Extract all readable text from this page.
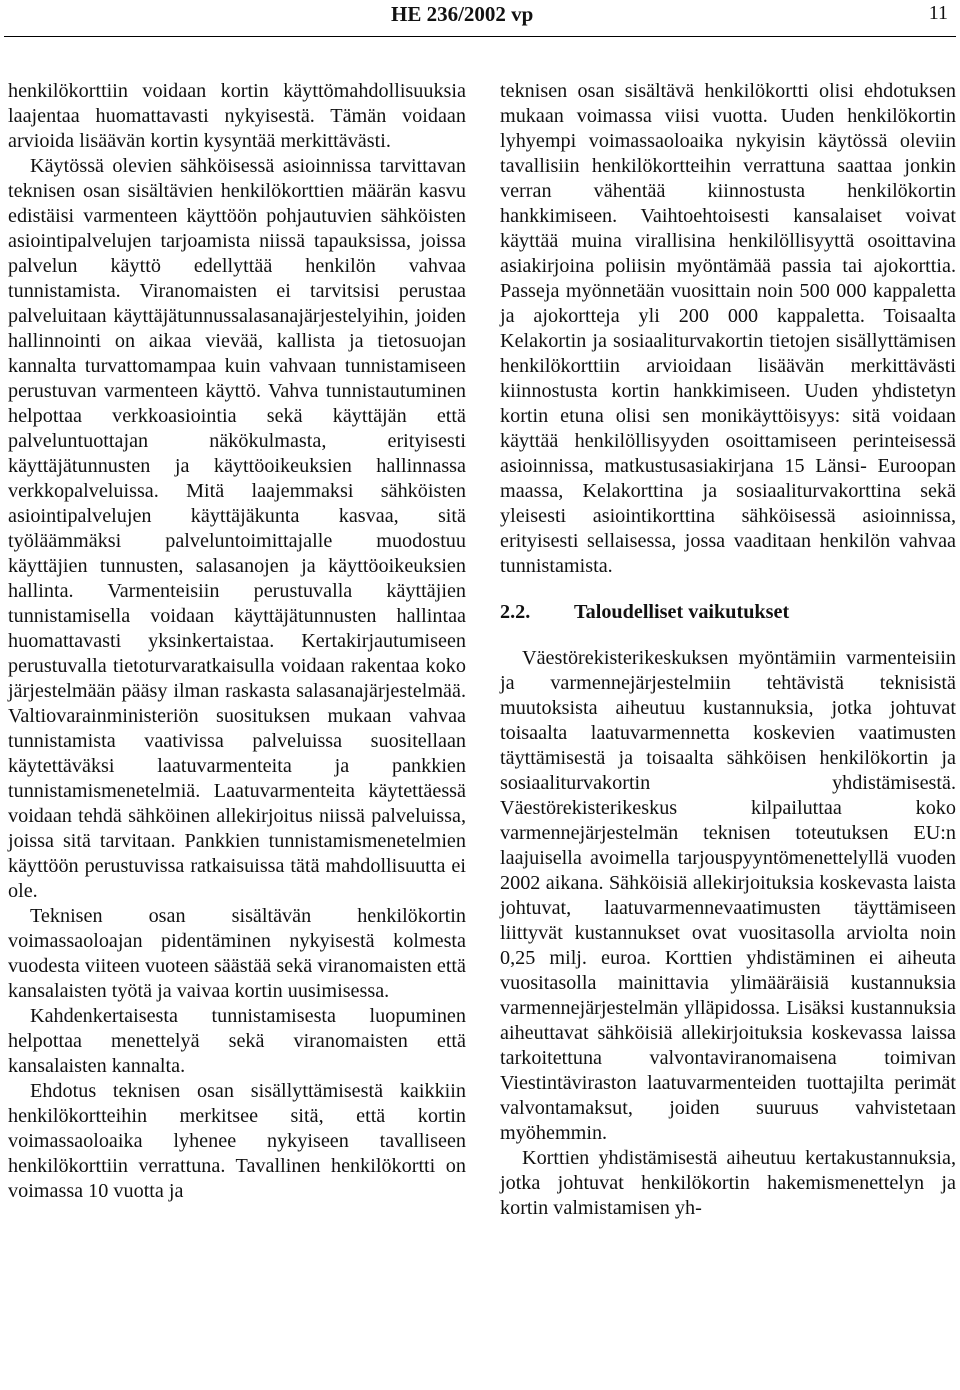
HE 236/2002 vp	11

henkilökorttiin voidaan kortin käyttömahdollisuuksia laajentaa huomattavasti nykyisestä. Tämän voidaan arvioida lisäävän kortin kysyntää merkittävästi.

Käytössä olevien sähköisessä asioinnissa tarvittavan teknisen osan sisältävien henkilökorttien määrän kasvu edistäisi varmenteen käyttöön pohjautuvien sähköisten asiointipalvelujen tarjoamista niissä tapauksissa, joissa palvelun käyttö edellyttää henkilön vahvaa tunnistamista. Viranomaisten ei tarvitsisi perustaa palveluitaan käyttäjätunnussalasanajärjestelyihin, joiden hallinnointi on aikaa vievää, kallista ja tietosuojan kannalta turvattomampaa kuin vahvaan tunnistamiseen perustuvan varmenteen käyttö. Vahva tunnistautuminen helpottaa verkkoasiointia sekä käyttäjän että palveluntuottajan näkökulmasta, erityisesti käyttäjätunnusten ja käyttöoikeuksien hallinnassa verkkopalveluissa. Mitä laajemmaksi sähköisten asiointipalvelujen käyttäjäkunta kasvaa, sitä työläämmäksi palveluntoimittajalle muodostuu käyttäjien tunnusten, salasanojen ja käyttöoikeuksien hallinta. Varmenteisiin perustuvalla käyttäjien tunnistamisella voidaan käyttäjätunnusten hallintaa huomattavasti yksinkertaistaa. Kertakirjautumiseen perustuvalla tietoturvaratkaisulla voidaan rakentaa koko järjestelmään pääsy ilman raskasta salasanajärjestelmää. Valtiovarainministeriön suosituksen mukaan vahvaa tunnistamista vaativissa palveluissa suositellaan käytettäväksi laatuvarmenteita ja pankkien tunnistamismenetelmiä. Laatuvarmenteita käytettäessä voidaan tehdä sähköinen allekirjoitus niissä palveluissa, joissa sitä tarvitaan. Pankkien tunnistamismenetelmien käyttöön perustuvissa ratkaisuissa tätä mahdollisuutta ei ole.

Teknisen osan sisältävän henkilökortin voimassaoloajan pidentäminen nykyisestä kolmesta vuodesta viiteen vuoteen säästää sekä viranomaisten että kansalaisten työtä ja vaivaa kortin uusimisessa.

Kahdenkertaisesta tunnistamisesta luopuminen helpottaa menettelyä sekä viranomaisten että kansalaisten kannalta.

Ehdotus teknisen osan sisällyttämisestä kaikkiin henkilökortteihin merkitsee sitä, että kortin voimassaoloaika lyhenee nykyiseen tavalliseen henkilökorttiin verrattuna. Tavallinen henkilökortti on voimassa 10 vuotta ja

teknisen osan sisältävä henkilökortti olisi ehdotuksen mukaan voimassa viisi vuotta. Uuden henkilökortin lyhyempi voimassaoloaika nykyisin käytössä oleviin tavallisiin henkilökortteihin verrattuna saattaa jonkin verran vähentää kiinnostusta henkilökortin hankkimiseen. Vaihtoehtoisesti kansalaiset voivat käyttää muina virallisina henkilöllisyyttä osoittavina asiakirjoina poliisin myöntämää passia tai ajokorttia. Passeja myönnetään vuosittain noin 500 000 kappaletta ja ajokortteja yli 200 000 kappaletta. Toisaalta Kelakortin ja sosiaaliturvakortin tietojen sisällyttämisen henkilökorttiin arvioidaan lisäävän merkittävästi kiinnostusta kortin hankkimiseen. Uuden yhdistetyn kortin etuna olisi sen monikäyttöisyys: sitä voidaan käyttää henkilöllisyyden osoittamiseen perinteisessä asioinnissa, matkustusasiakirjana 15 Länsi- Euroopan maassa, Kelakorttina ja sosiaaliturvakorttina sekä yleisesti asiointikorttina sähköisessä asioinnissa, erityisesti sellaisessa, jossa vaaditaan henkilön vahvaa tunnistamista.

2.2. Taloudelliset vaikutukset

Väestörekisterikeskuksen myöntämiin varmenteisiin ja varmennejärjestelmiin tehtävistä teknisistä muutoksista aiheutuu kustannuksia, jotka johtuvat toisaalta laatuvarmennetta koskevien vaatimusten täyttämisestä ja toisaalta sähköisen henkilökortin ja sosiaaliturvakortin yhdistämisestä. Väestörekisterikeskus kilpailuttaa koko varmennejärjestelmän teknisen toteutuksen EU:n laajuisella avoimella tarjouspyyntömenettelyllä vuoden 2002 aikana. Sähköisiä allekirjoituksia koskevasta laista johtuvat, laatuvarmennevaatimusten täyttämiseen liittyvät kustannukset ovat vuositasolla arviolta noin 0,25 milj. euroa. Korttien yhdistäminen ei aiheuta vuositasolla mainittavia ylimääräisiä kustannuksia varmennejärjestelmän ylläpidossa. Lisäksi kustannuksia aiheuttavat sähköisiä allekirjoituksia koskevassa laissa tarkoitettuna valvontaviranomaisena toimivan Viestintäviraston laatuvarmenteiden tuottajilta perimät valvontamaksut, joiden suuruus vahvistetaan myöhemmin.

Korttien yhdistämisestä aiheutuu kertakustannuksia, jotka johtuvat henkilökortin hakemismenettelyn ja kortin valmistamisen yh-
